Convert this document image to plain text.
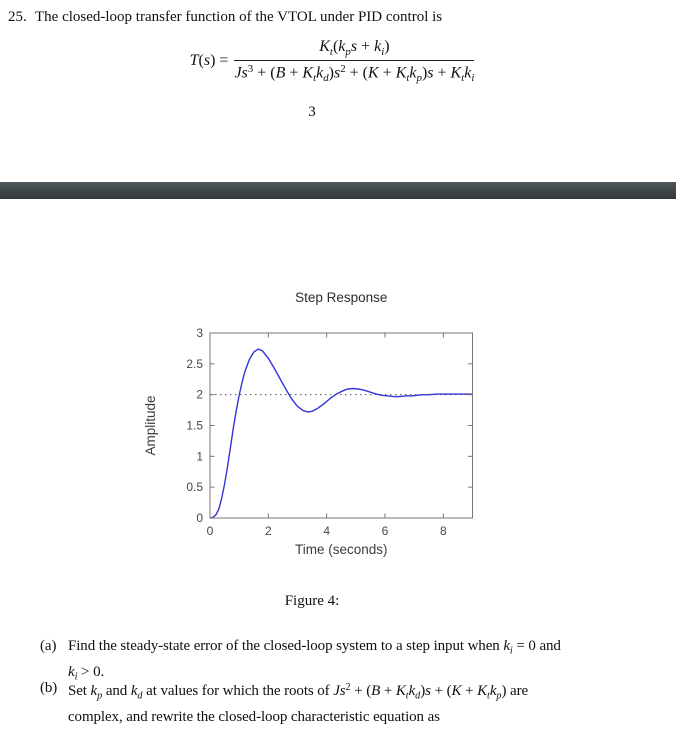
25. The closed-loop transfer function of the VTOL under PID control is
$T(s) = \frac{K_t(k_ps + k_i)}{Js^3 + (B + K_tk_d)s^2 + (K + K_tk_p)s + K_tk_i}$
3
0	2	4	6	8
0
0.5
1
1.5
2
2.5
3
Step Response
Time (seconds)
Amplitude
Figure 4:
(a) Find the steady-state error of the closed-loop system to a step input when $k_i = 0$ and
$k_i > 0$.
(b) Set $k_p$ and $k_d$ at values for which the roots of $Js^2 + (B + K_tk_d)s + (K + K_tk_p)$ are
complex, and rewrite the closed-loop characteristic equation as
